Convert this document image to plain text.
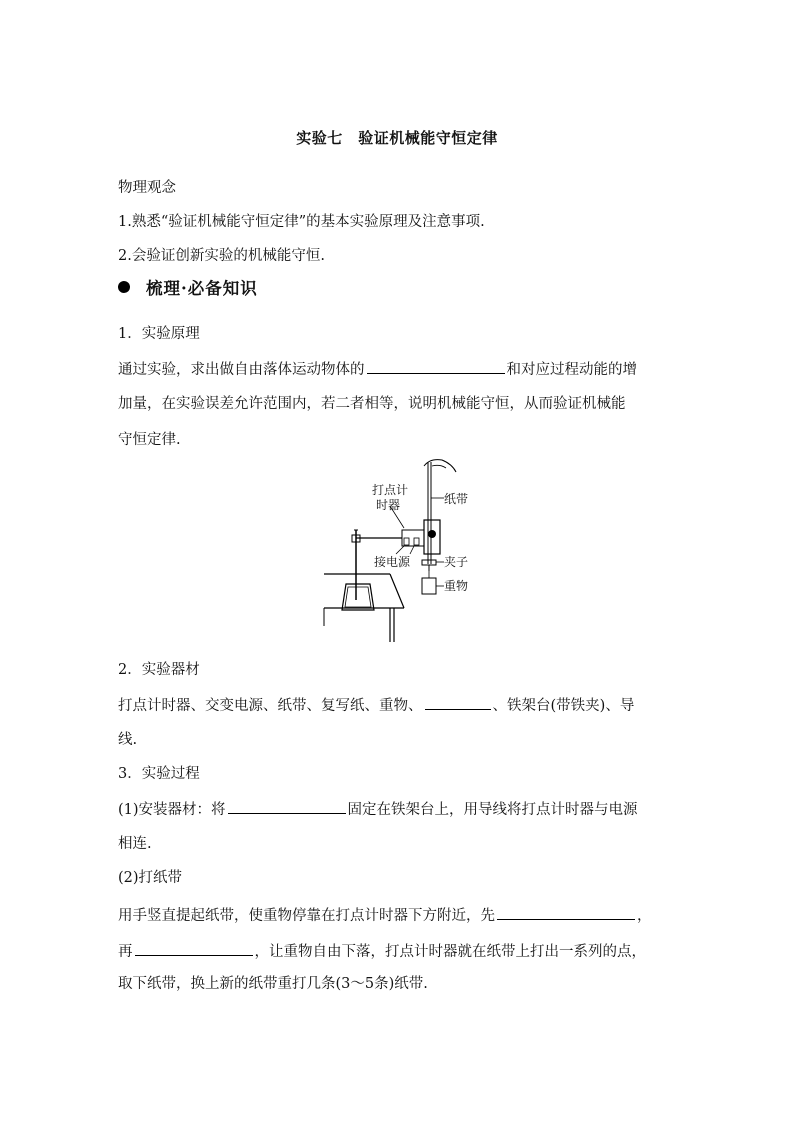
实验七　验证机械能守恒定律
物理观念
1.熟悉“验证机械能守恒定律”的基本实验原理及注意事项.
2.会验证创新实验的机械能守恒.
梳理·必备知识
1．实验原理
通过实验，求出做自由落体运动物体的	和对应过程动能的增
加量，在实验误差允许范围内，若二者相等，说明机械能守恒，从而验证机械能
守恒定律.
打点计
时器	纸带
接电源	夹子
重物
2．实验器材
打点计时器、交变电源、纸带、复写纸、重物、	、铁架台(带铁夹)、导
线.
3．实验过程
(1)安装器材：将	固定在铁架台上，用导线将打点计时器与电源
相连.
(2)打纸带
用手竖直提起纸带，使重物停靠在打点计时器下方附近，先	，
再	，让重物自由下落，打点计时器就在纸带上打出一系列的点，
取下纸带，换上新的纸带重打几条(3～5条)纸带.
